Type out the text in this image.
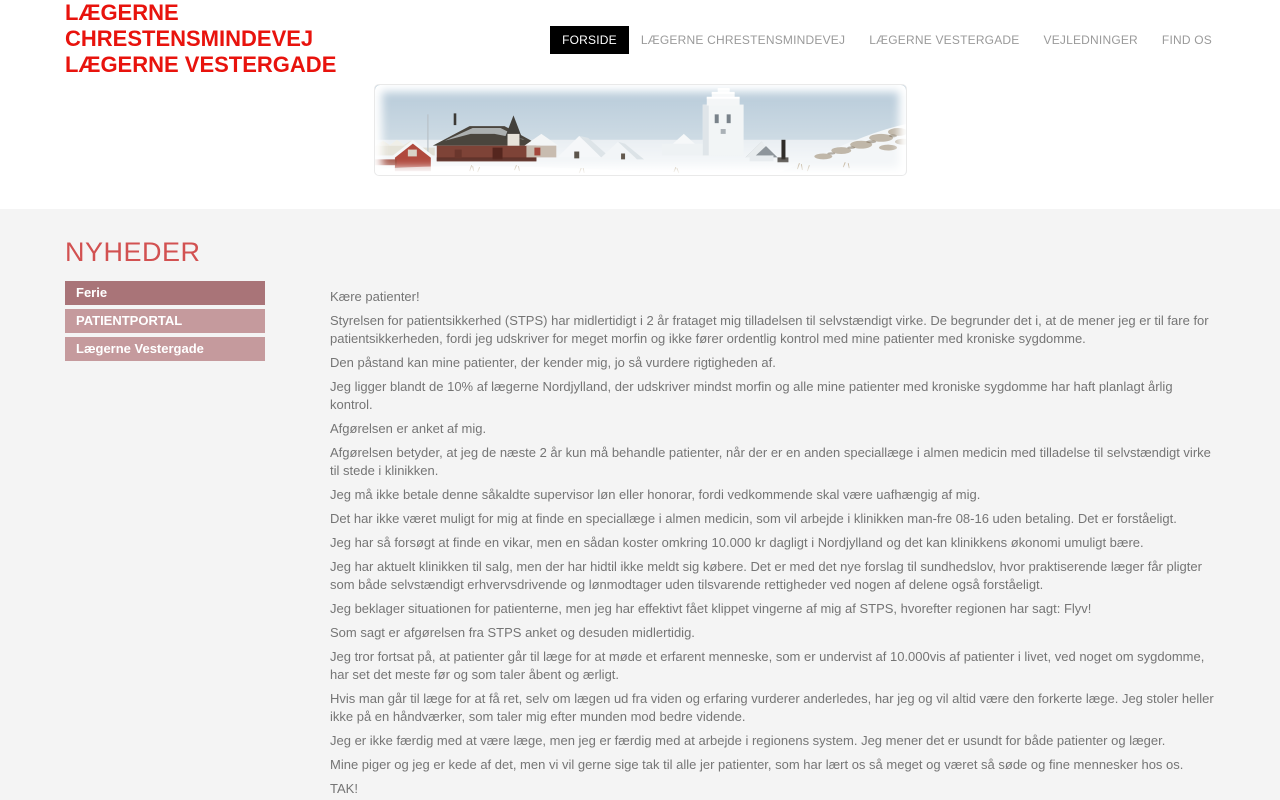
LÆGERNE
CHRESTENSMINDEVEJ
LÆGERNE VESTERGADE
FORSIDE	LÆGERNE CHRESTENSMINDEVEJ	LÆGERNE VESTERGADE	VEJLEDNINGER	FIND OS
NYHEDER
Ferie
PATIENTPORTAL
Lægerne Vestergade

Kære patienter!

Styrelsen for patientsikkerhed (STPS) har midlertidigt i 2 år frataget mig tilladelsen til selvstændigt virke. De begrunder det i, at de mener jeg er til fare for patientsikkerheden, fordi jeg udskriver for meget morfin og ikke fører ordentlig kontrol med mine patienter med kroniske sygdomme.

Den påstand kan mine patienter, der kender mig, jo så vurdere rigtigheden af.

Jeg ligger blandt de 10% af lægerne Nordjylland, der udskriver mindst morfin og alle mine patienter med kroniske sygdomme har haft planlagt årlig kontrol.

Afgørelsen er anket af mig.

Afgørelsen betyder, at jeg de næste 2 år kun må behandle patienter, når der er en anden speciallæge i almen medicin med tilladelse til selvstændigt virke til stede i klinikken.

Jeg må ikke betale denne såkaldte supervisor løn eller honorar, fordi vedkommende skal være uafhængig af mig.

Det har ikke været muligt for mig at finde en speciallæge i almen medicin, som vil arbejde i klinikken man-fre 08-16 uden betaling. Det er forståeligt.

Jeg har så forsøgt at finde en vikar, men en sådan koster omkring 10.000 kr dagligt i Nordjylland og det kan klinikkens økonomi umuligt bære.

Jeg har aktuelt klinikken til salg, men der har hidtil ikke meldt sig købere. Det er med det nye forslag til sundhedslov, hvor praktiserende læger får pligter som både selvstændigt erhvervsdrivende og lønmodtager uden tilsvarende rettigheder ved nogen af delene også forståeligt.

Jeg beklager situationen for patienterne, men jeg har effektivt fået klippet vingerne af mig af STPS, hvorefter regionen har sagt: Flyv!

Som sagt er afgørelsen fra STPS anket og desuden midlertidig.

Jeg tror fortsat på, at patienter går til læge for at møde et erfarent menneske, som er undervist af 10.000vis af patienter i livet, ved noget om sygdomme, har set det meste før og som taler åbent og ærligt.

Hvis man går til læge for at få ret, selv om lægen ud fra viden og erfaring vurderer anderledes, har jeg og vil altid være den forkerte læge. Jeg stoler heller ikke på en håndværker, som taler mig efter munden mod bedre vidende.

Jeg er ikke færdig med at være læge, men jeg er færdig med at arbejde i regionens system. Jeg mener det er usundt for både patienter og læger.

Mine piger og jeg er kede af det, men vi vil gerne sige tak til alle jer patienter, som har lært os så meget og været så søde og fine mennesker hos os.

TAK!
